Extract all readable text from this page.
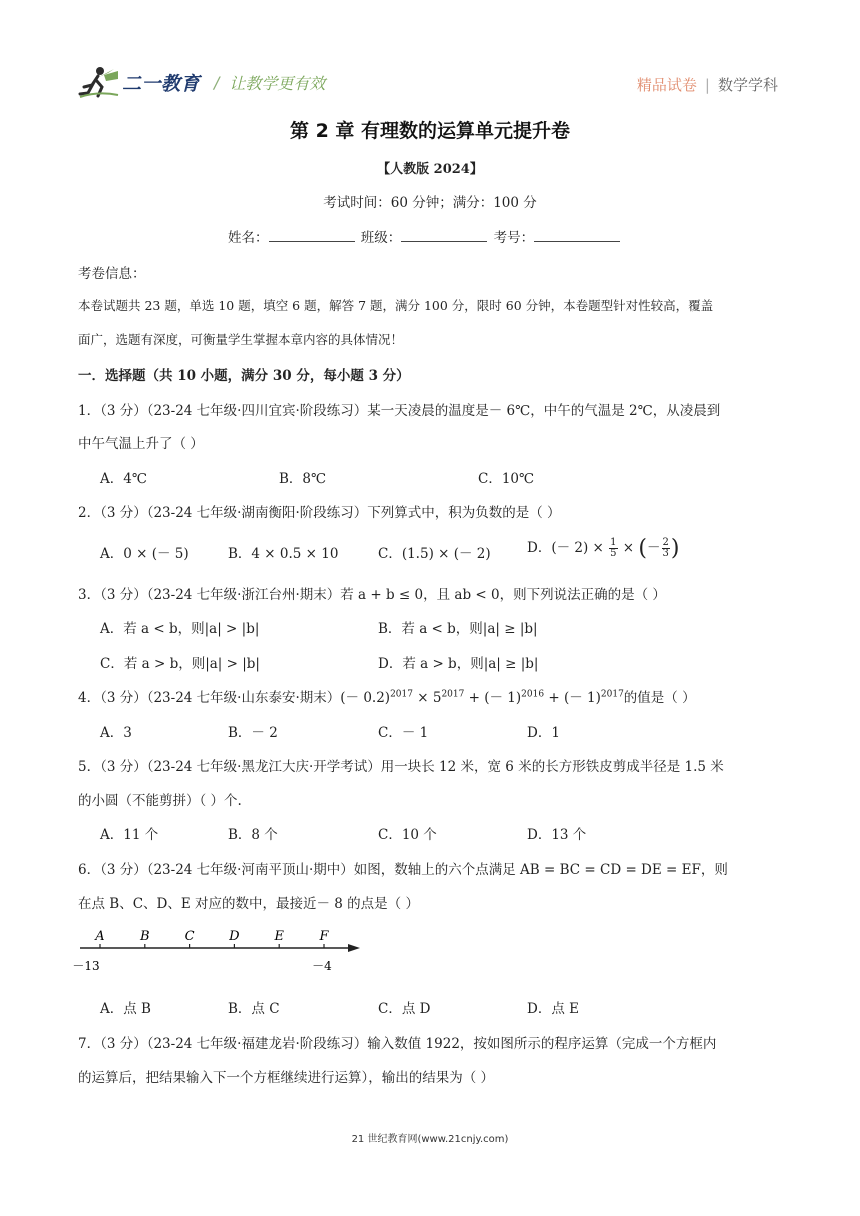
二一教育 / 让教学更有效	精品试卷 | 数学学科
第 2 章 有理数的运算单元提升卷
【人教版 2024】
考试时间：60 分钟；满分：100 分
姓名：	班级：	考号：
考卷信息：
本卷试题共 23 题，单选 10 题，填空 6 题，解答 7 题，满分 100 分，限时 60 分钟，本卷题型针对性较高，覆盖
面广，选题有深度，可衡量学生掌握本章内容的具体情况！
一．选择题（共 10 小题，满分 30 分，每小题 3 分）
1．（3 分）（23-24 七年级·四川宜宾·阶段练习）某一天凌晨的温度是－ 6℃，中午的气温是 2℃，从凌晨到
中午气温上升了（ ）
A．4℃	B．8℃	C．10℃
2．（3 分）（23-24 七年级·湖南衡阳·阶段练习）下列算式中，积为负数的是（ ）
A．0 × (－ 5)	B．4 × 0.5 × 10	C．(1.5) × (－ 2)	D．(－ $2) \times \frac{1}{5}$ × (－ $\frac{2}{3}$ )
3．（3 分）（23-24 七年级·浙江台州·期末）若 a + b ≤ 0，且 ab < 0，则下列说法正确的是（ ）
A．若 a < b，则|a| > |b|	B．若 a < b，则|a| ≥ |b|
C．若 a > b，则|a| > |b|	D．若 a > b，则|a| ≥ |b|
4．（3 分）（23-24 七年级·山东泰安·期末）(－ $0.2)^{2017} \times 5^{2017}$ + (－ 1)$^{2016}$ + (－ 1)$^{2017}$的值是（ ）
A．3	B．－ 2	C．－ 1	D．1
5．（3 分）（23-24 七年级·黑龙江大庆·开学考试）用一块长 12 米，宽 6 米的长方形铁皮剪成半径是 1.5 米
的小圆（不能剪拼）（ ）个.
A．11 个	B．8 个	C．10 个	D．13 个
6．（3 分）（23-24 七年级·河南平顶山·期中）如图，数轴上的六个点满足 AB = BC = CD = DE = EF，则
在点 B、C、D、E 对应的数中，最接近－ 8 的点是（ ）
A	B	C	D	E	F
－13	－4
A．点 B	B．点 C	C．点 D	D．点 E
7．（3 分）（23-24 七年级·福建龙岩·阶段练习）输入数值 1922，按如图所示的程序运算（完成一个方框内
的运算后，把结果输入下一个方框继续进行运算），输出的结果为（ ）
21 世纪教育网(www.21cnjy.com)
